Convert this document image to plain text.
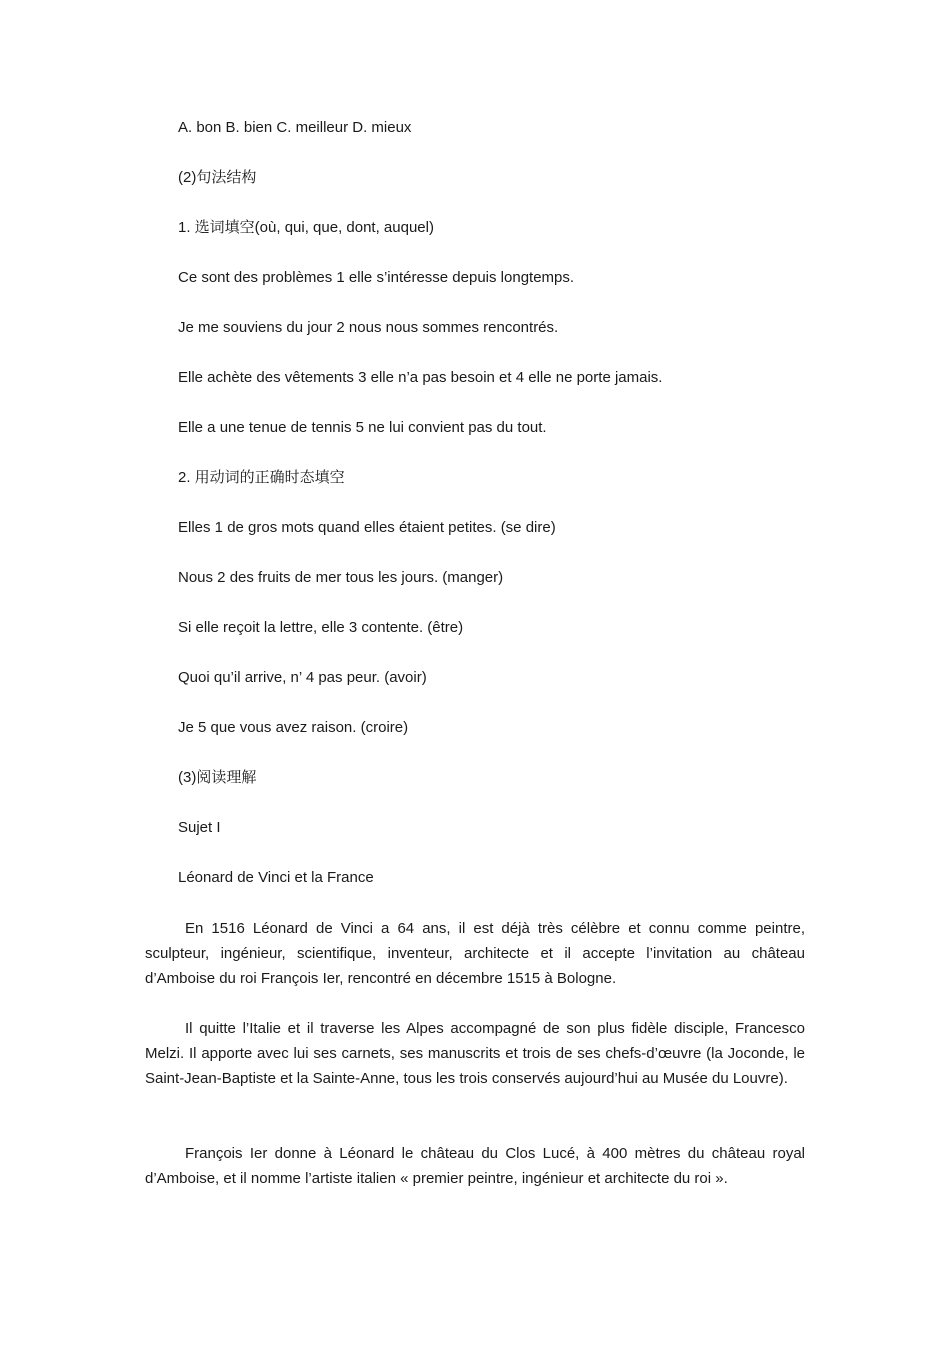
A. bon B. bien C. meilleur D. mieux
(2)句法结构
1. 选词填空(où, qui, que, dont, auquel)
Ce sont des problèmes 1 elle s’intéresse depuis longtemps.
Je me souviens du jour 2 nous nous sommes rencontrés.
Elle achète des vêtements 3 elle n’a pas besoin et 4 elle ne porte jamais.
Elle a une tenue de tennis 5 ne lui convient pas du tout.
2. 用动词的正确时态填空
Elles 1 de gros mots quand elles étaient petites. (se dire)
Nous 2 des fruits de mer tous les jours. (manger)
Si elle reçoit la lettre, elle 3 contente. (être)
Quoi qu’il arrive, n’ 4 pas peur. (avoir)
Je 5 que vous avez raison. (croire)
(3)阅读理解
Sujet I
Léonard de Vinci et la France

En 1516 Léonard de Vinci a 64 ans, il est déjà très célèbre et connu comme peintre, sculpteur, ingénieur, scientifique, inventeur, architecte et il accepte l’invitation au château d’Amboise du roi François Ier, rencontré en décembre 1515 à Bologne.

Il quitte l’Italie et il traverse les Alpes accompagné de son plus fidèle disciple, Francesco Melzi. Il apporte avec lui ses carnets, ses manuscrits et trois de ses chefs-d’œuvre (la Joconde, le Saint-Jean-Baptiste et la Sainte-Anne, tous les trois conservés aujourd’hui au Musée du Louvre).

François Ier donne à Léonard le château du Clos Lucé, à 400 mètres du château royal d’Amboise, et il nomme l’artiste italien « premier peintre, ingénieur et architecte du roi ».
